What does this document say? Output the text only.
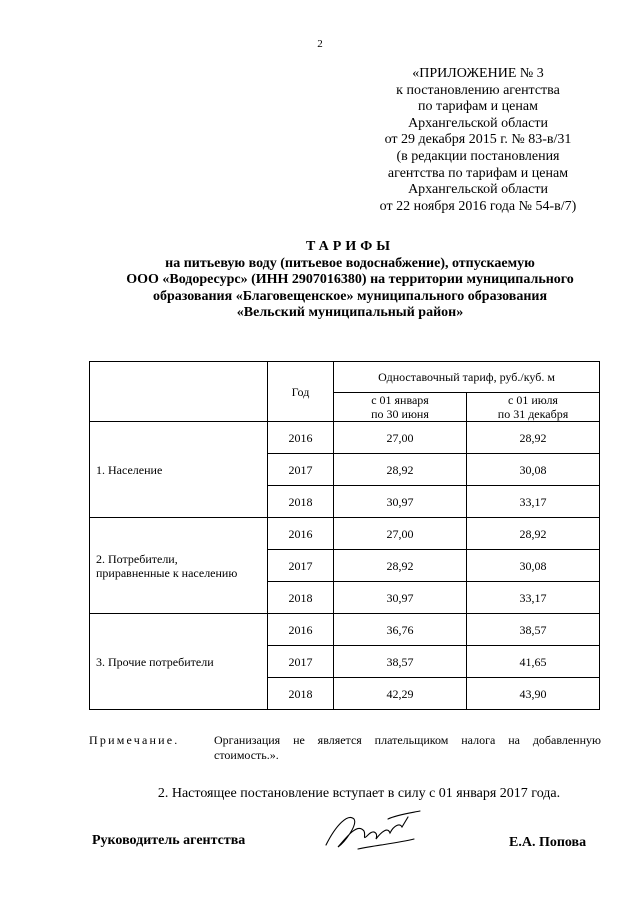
2
«ПРИЛОЖЕНИЕ № 3
к постановлению агентства
по тарифам и ценам
Архангельской области
от 29 декабря 2015 г. № 83-в/31
(в редакции постановления
агентства по тарифам и ценам
Архангельской области
от 22 ноября 2016 года № 54-в/7)
ТАРИФЫ
на питьевую воду (питьевое водоснабжение), отпускаемую
ООО «Водоресурс» (ИНН 2907016380) на территории муниципального
образования «Благовещенское» муниципального образования
«Вельский муниципальный район»
	Год	Одноставочный тариф, руб./куб. м	
		с 01 января
по 30 июня	с 01 июля
по 31 декабря
1. Население	2016	27,00	28,92
	2017	28,92	30,08
	2018	30,97	33,17
2. Потребители,
приравненные к населению	2016	27,00	28,92
	2017	28,92	30,08
	2018	30,97	33,17
3. Прочие потребители	2016	36,76	38,57
	2017	38,57	41,65
	2018	42,29	43,90
Примечание.	Организация не является плательщиком налога на добавленную стоимость.».
2. Настоящее постановление вступает в силу с 01 января 2017 года.
Руководитель агентства	Е.А. Попова
